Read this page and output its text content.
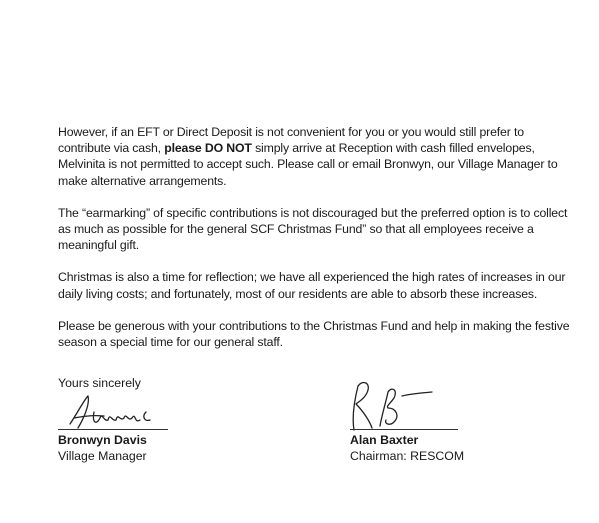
However, if an EFT or Direct Deposit is not convenient for you or you would still prefer to contribute via cash, please DO NOT simply arrive at Reception with cash filled envelopes, Melvinita is not permitted to accept such. Please call or email Bronwyn, our Village Manager to make alternative arrangements.

The “earmarking” of specific contributions is not discouraged but the preferred option is to collect as much as possible for the general SCF Christmas Fund” so that all employees receive a meaningful gift.

Christmas is also a time for reflection; we have all experienced the high rates of increases in our daily living costs; and fortunately, most of our residents are able to absorb these increases.

Please be generous with your contributions to the Christmas Fund and help in making the festive season a special time for our general staff.

Yours sincerely
Bronwyn Davis
Village Manager
Alan Baxter
Chairman: RESCOM
